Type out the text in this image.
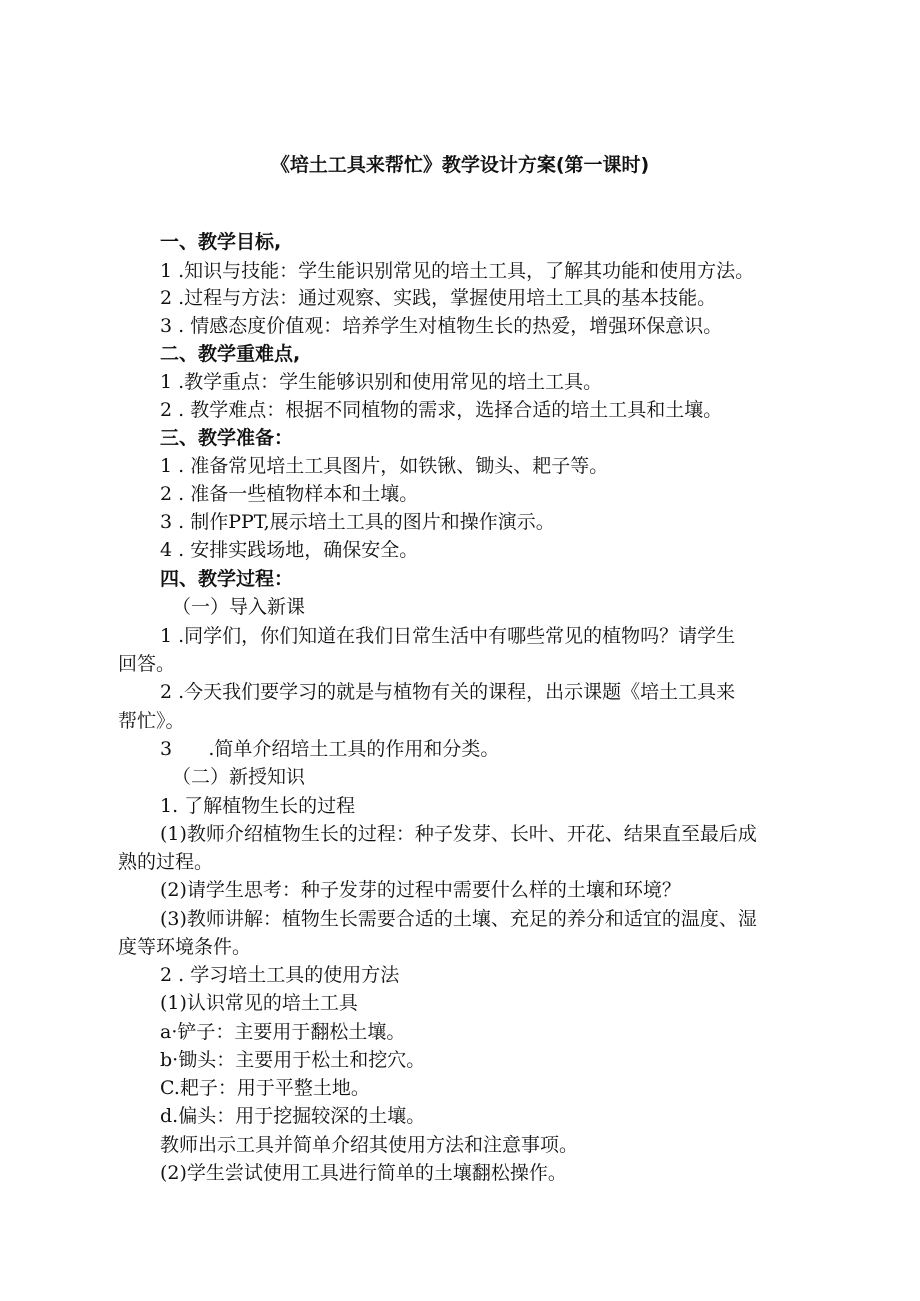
《培土工具来帮忙》教学设计方案(第一课时)
一、教学目标,
1 .知识与技能：学生能识别常见的培土工具，了解其功能和使用方法。
2 .过程与方法：通过观察、实践，掌握使用培土工具的基本技能。
3 . 情感态度价值观：培养学生对植物生长的热爱，增强环保意识。
二、教学重难点,
1 .教学重点：学生能够识别和使用常见的培土工具。
2 . 教学难点：根据不同植物的需求，选择合适的培土工具和土壤。
三、教学准备：
1 . 准备常见培土工具图片，如铁锹、锄头、耙子等。
2 . 准备一些植物样本和土壤。
3 . 制作PPT,展示培土工具的图片和操作演示。
4 . 安排实践场地，确保安全。
四、教学过程：
（一）导入新课
1 .同学们，你们知道在我们日常生活中有哪些常见的植物吗？请学生
回答。
2 .今天我们要学习的就是与植物有关的课程，出示课题《培土工具来
帮忙》。
3      .简单介绍培土工具的作用和分类。
（二）新授知识
1. 了解植物生长的过程
(1)教师介绍植物生长的过程：种子发芽、长叶、开花、结果直至最后成
熟的过程。
(2)请学生思考：种子发芽的过程中需要什么样的土壤和环境？
(3)教师讲解：植物生长需要合适的土壤、充足的养分和适宜的温度、湿
度等环境条件。
2 . 学习培土工具的使用方法
(1)认识常见的培土工具
a·铲子：主要用于翻松土壤。
b·锄头：主要用于松土和挖穴。
C.耙子：用于平整土地。
d.偏头：用于挖掘较深的土壤。
教师出示工具并简单介绍其使用方法和注意事项。
(2)学生尝试使用工具进行简单的土壤翻松操作。
